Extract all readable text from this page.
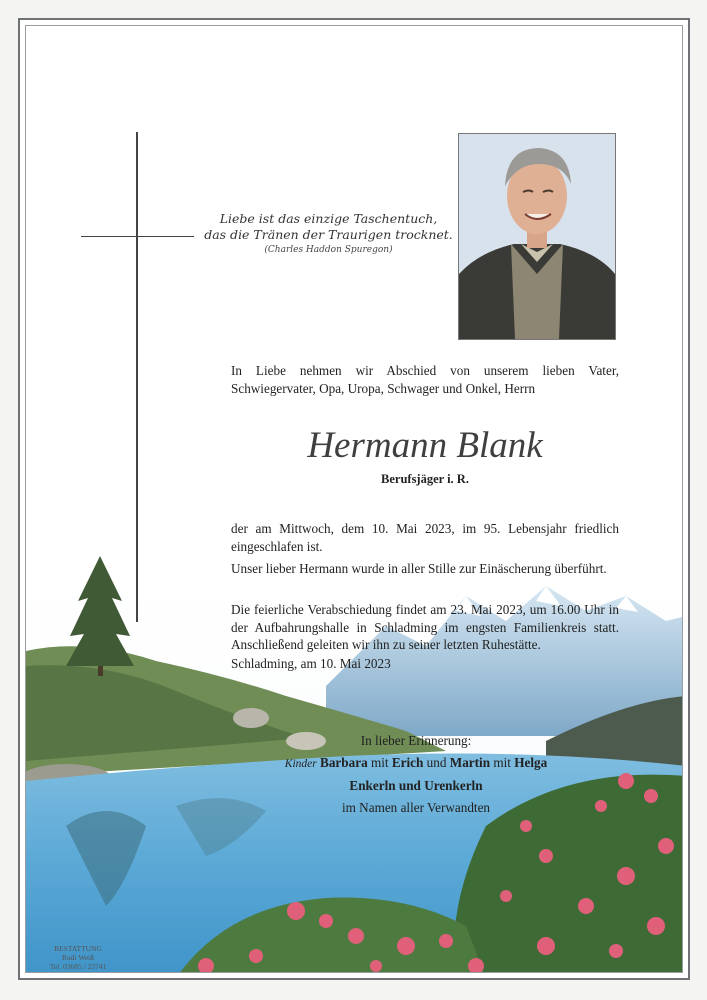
Liebe ist das einzige Taschentuch,
das die Tränen der Traurigen trocknet.
(Charles Haddon Spuregon)
In Liebe nehmen wir Abschied von unserem lieben Vater, Schwiegervater, Opa, Uropa, Schwager und Onkel, Herrn
Hermann Blank
Berufsjäger i. R.
der am Mittwoch, dem 10. Mai 2023, im 95. Lebensjahr friedlich eingeschlafen ist.
Unser lieber Hermann wurde in aller Stille zur Einäscherung überführt.
Die feierliche Verabschiedung findet am 23. Mai 2023, um 16.00 Uhr in der Aufbahrungshalle in Schladming im engsten Familienkreis statt. Anschließend geleiten wir ihn zu seiner letzten Ruhestätte.
Schladming, am 10. Mai 2023
In lieber Erinnerung:
Kinder Barbara mit Erich und Martin mit Helga
Enkerln und Urenkerln
im Namen aller Verwandten
BESTATTUNG
Rudi Weiß
Tel. 03685 / 23741
